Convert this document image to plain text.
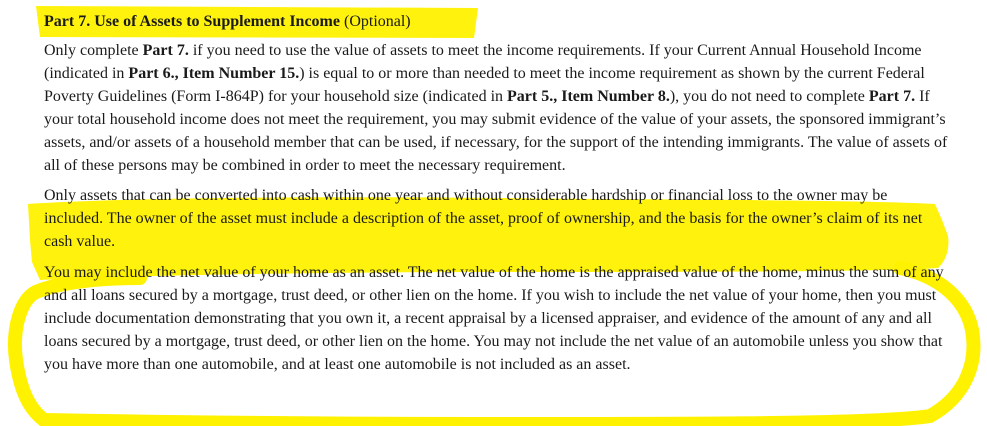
Part 7. Use of Assets to Supplement Income (Optional)

Only complete Part 7. if you need to use the value of assets to meet the income requirements. If your Current Annual Household Income (indicated in Part 6., Item Number 15.) is equal to or more than needed to meet the income requirement as shown by the current Federal Poverty Guidelines (Form I-864P) for your household size (indicated in Part 5., Item Number 8.), you do not need to complete Part 7. If your total household income does not meet the requirement, you may submit evidence of the value of your assets, the sponsored immigrant’s assets, and/or assets of a household member that can be used, if necessary, for the support of the intending immigrants. The value of assets of all of these persons may be combined in order to meet the necessary requirement.

Only assets that can be converted into cash within one year and without considerable hardship or financial loss to the owner may be included. The owner of the asset must include a description of the asset, proof of ownership, and the basis for the owner’s claim of its net cash value.

You may include the net value of your home as an asset. The net value of the home is the appraised value of the home, minus the sum of any and all loans secured by a mortgage, trust deed, or other lien on the home. If you wish to include the net value of your home, then you must include documentation demonstrating that you own it, a recent appraisal by a licensed appraiser, and evidence of the amount of any and all loans secured by a mortgage, trust deed, or other lien on the home. You may not include the net value of an automobile unless you show that you have more than one automobile, and at least one automobile is not included as an asset.
